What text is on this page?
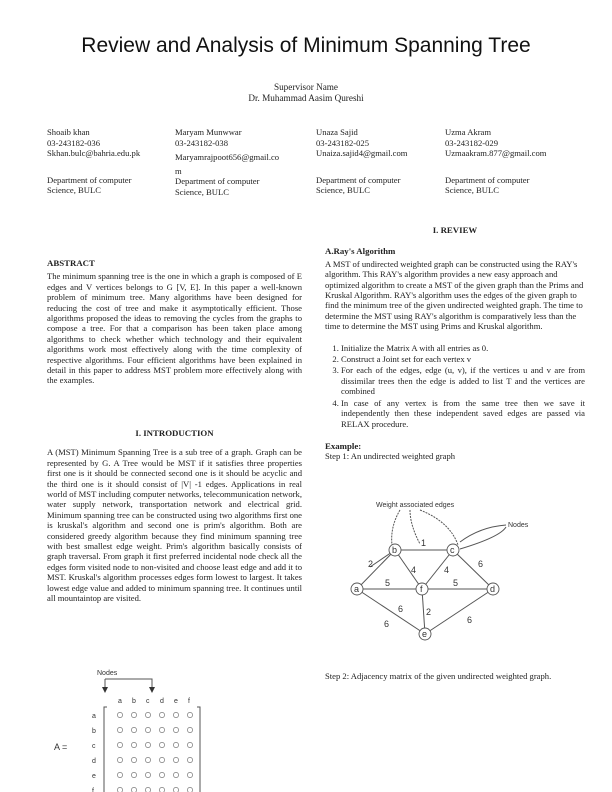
Review and Analysis of Minimum Spanning Tree
Supervisor Name
Dr. Muhammad Aasim Qureshi
Shoaib khan
03-243182-036
Skhan.bulc@bahria.edu.pk
Department of computer
Science, BULC
Maryam Munwwar
03-243182-038
Maryamrajpoot656@gmail.co
m
Department of computer
Science, BULC
Unaza Sajid
03-243182-025
Unaiza.sajid4@gmail.com
Department of computer
Science, BULC
Uzma Akram
03-243182-029
Uzmaakram.877@gmail.com
Department of computer
Science, BULC
ABSTRACT
The minimum spanning tree is the one in which a graph is composed of E edges and V vertices belongs to G [V, E]. In this paper a well-known problem of minimum tree. Many algorithms have been designed for reducing the cost of tree and make it asymptotically efficient. Those algorithms proposed the ideas to removing the cycles from the graphs to compose a tree. For that a comparison has been taken place among algorithms to check whether which technology and their equivalent algorithms work most effectively along with the time complexity of respective algorithms. Four efficient algorithms have been explained in detail in this paper to address MST problem more effectively along with the examples.
I. INTRODUCTION
A (MST) Minimum Spanning Tree is a sub tree of a graph. Graph can be represented by G. A Tree would be MST if it satisfies three properties first one is it should be connected second one is it should be acyclic and the third one is it should consist of |V| -1 edges. Applications in real world of MST including computer networks, telecommunication network, water supply network, transportation network and electrical grid. Minimum spanning tree can be constructed using two algorithms first one is kruskal's algorithm and second one is prim's algorithm. Both are considered greedy algorithm because they find minimum spanning tree with best smallest edge weight. Prim's algorithm basically consists of graph traversal. From graph it first preferred incidental node check all the edges form visited node to non-visited and choose least edge and add it to MST. Kruskal's algorithm processes edges form lowest to largest. It takes lowest edge value and added to minimum spanning tree. It continues until all mountaintop are visited.
Nodes
a b c d e f
a
b
c
d
e
f
A =
I. REVIEW
A.Ray's Algorithm
A MST of undirected weighted graph can be constructed using the RAY's algorithm. This RAY's algorithm provides a new easy approach and optimized algorithm to create a MST of the given graph than the Prims and Kruskal Algorithm. RAY's algorithm uses the edges of the given graph to find the minimum tree of the given undirected weighted graph. The time to determine the MST using RAY's algorithm is comparatively less than the time to determine the MST using Prims and Kruskal algorithm.
1. Initialize the Matrix A with all entries as 0.
2. Construct a Joint set for each vertex v
3. For each of the edges, edge (u, v), if the vertices u and v are from dissimilar trees then the edge is added to list T and the vertices are combined
4. In case of any vertex is from the same tree then we save it independently then these independent saved edges are passed via RELAX procedure.
Example:
Step 1: An undirected weighted graph
Weight associated edges
Nodes
1
2
4	4
5	5
6
6
2
6
6
b	c
a	f	d
e
Step 2: Adjacency matrix of the given undirected weighted graph.
